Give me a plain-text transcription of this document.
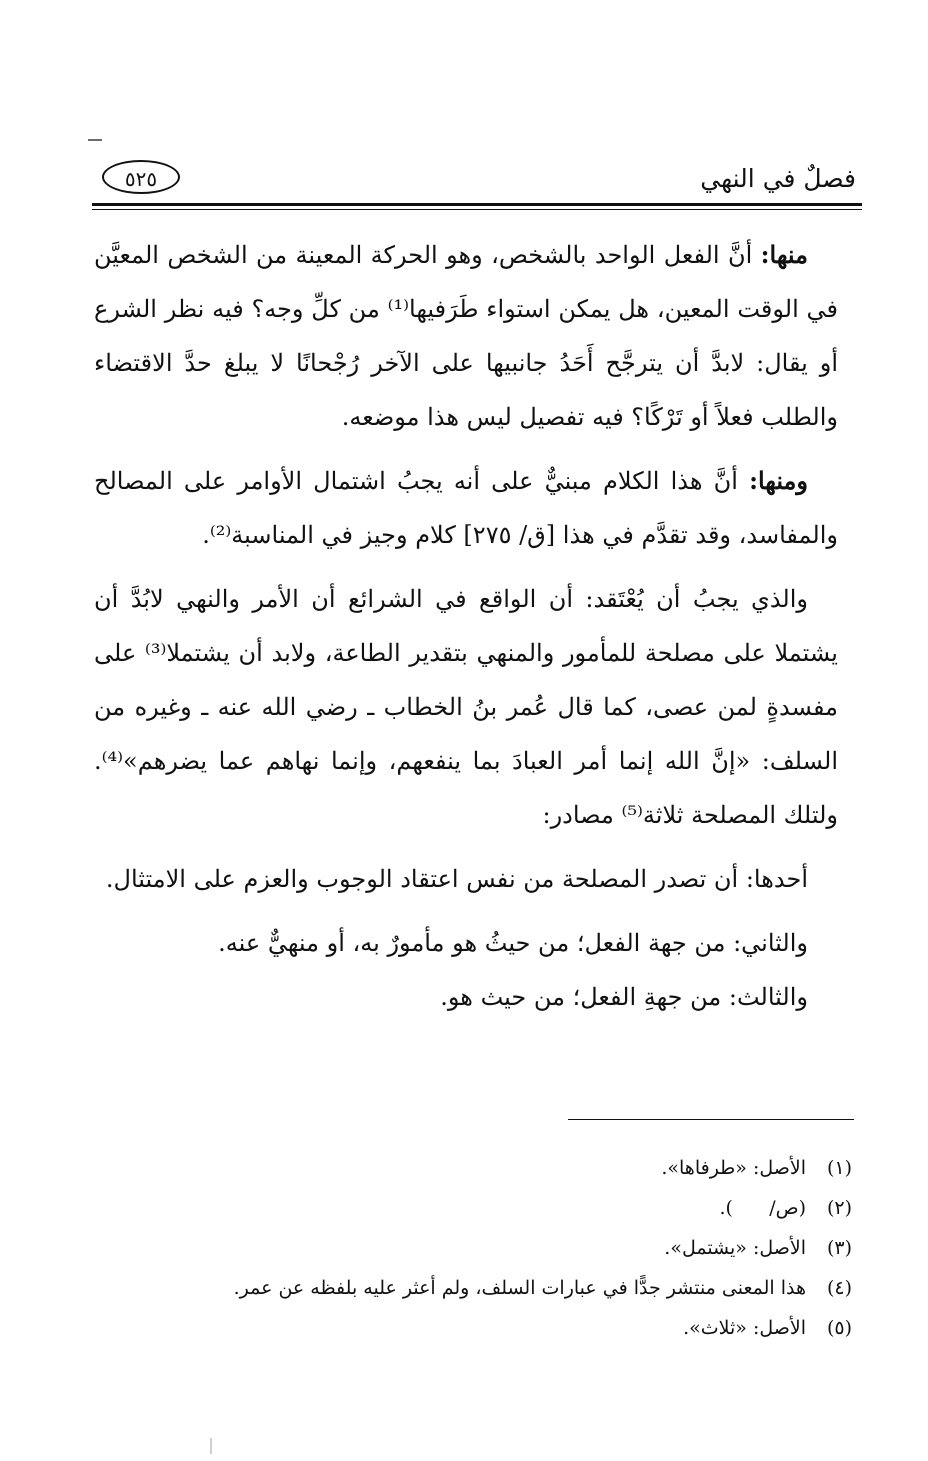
فصلٌ في النهي
٥٢٥

منها: أنَّ الفعل الواحد بالشخص، وهو الحركة المعينة من الشخص المعيَّن في الوقت المعين، هل يمكن استواء طَرَفيها⁽¹⁾ من كلِّ وجه؟ فيه نظر الشرع أو يقال: لابدَّ أن يترجَّح أَحَدُ جانبيها على الآخر رُجْحانًا لا يبلغ حدَّ الاقتضاء والطلب فعلاً أو تَرْكًا؟ فيه تفصيل ليس هذا موضعه.

ومنها: أنَّ هذا الكلام مبنيٌّ على أنه يجبُ اشتمال الأوامر على المصالح والمفاسد، وقد تقدَّم في هذا [ق/ ٢٧٥] كلام وجيز في المناسبة⁽²⁾.

والذي يجبُ أن يُعْتَقد: أن الواقع في الشرائع أن الأمر والنهي لابُدَّ أن يشتملا على مصلحة للمأمور والمنهي بتقدير الطاعة، ولابد أن يشتملا⁽³⁾ على مفسدةٍ لمن عصى، كما قال عُمر بنُ الخطاب ـ رضي الله عنه ـ وغيره من السلف: «إنَّ الله إنما أمر العبادَ بما ينفعهم، وإنما نهاهم عما يضرهم»⁽⁴⁾. ولتلك المصلحة ثلاثة⁽⁵⁾ مصادر:

أحدها: أن تصدر المصلحة من نفس اعتقاد الوجوب والعزم على الامتثال.

والثاني: من جهة الفعل؛ من حيثُ هو مأمورٌ به، أو منهيٌّ عنه.

والثالث: من جهةِ الفعل؛ من حيث هو.

(١)الأصل: «طرفاها».
(٢)(ص/      ).
(٣)الأصل: «يشتمل».
(٤)هذا المعنى منتشر جدًّا في عبارات السلف، ولم أعثر عليه بلفظه عن عمر.
(٥)الأصل: «ثلاث».
